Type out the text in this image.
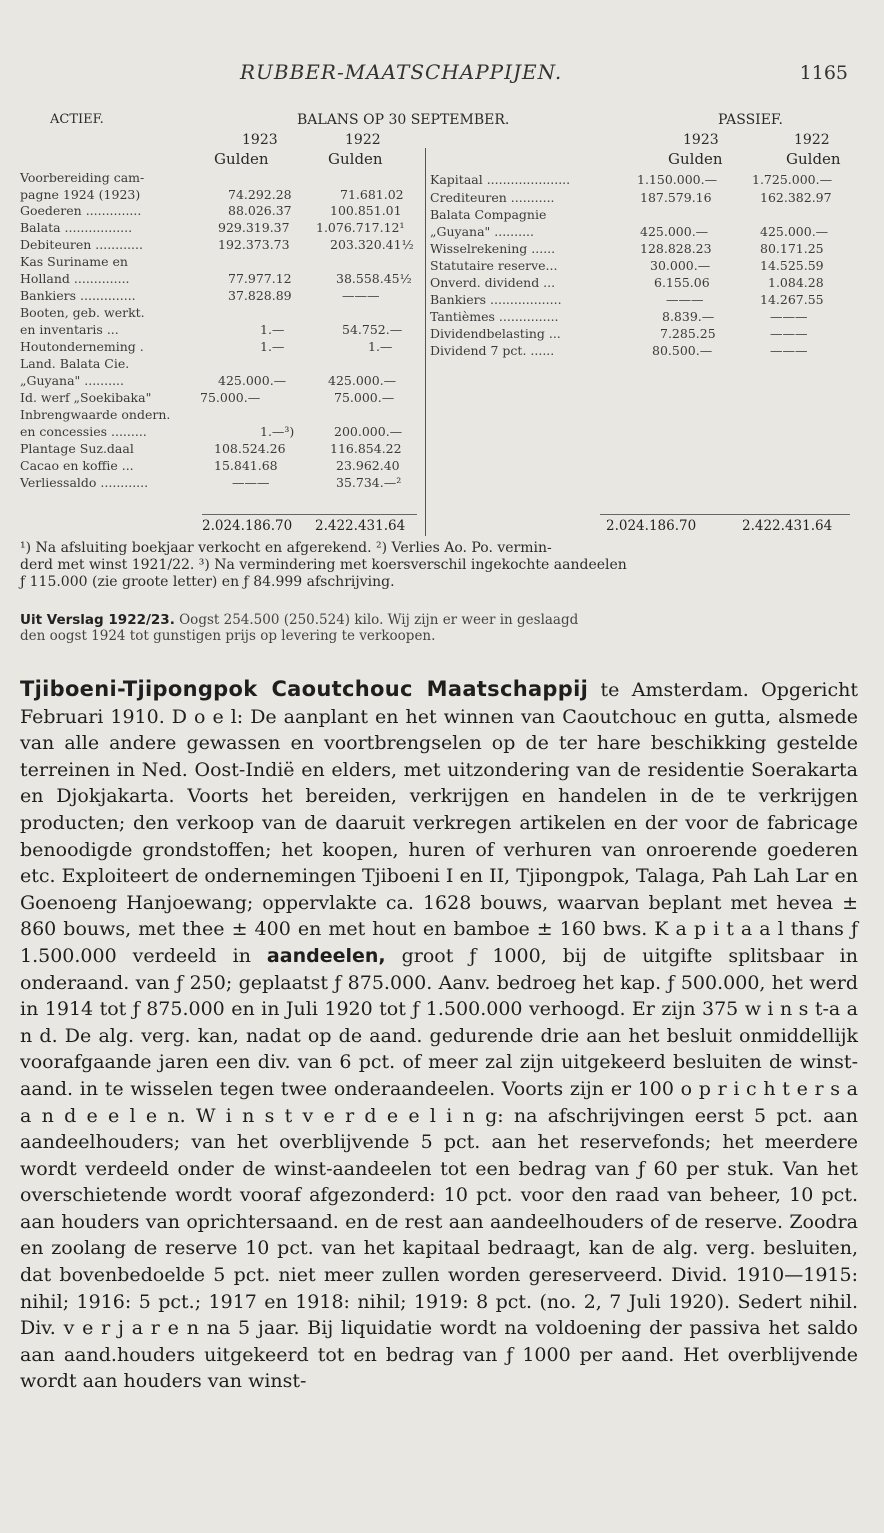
RUBBER-MAATSCHAPPIJEN.	1165
ACTIEF.	BALANS OP 30 SEPTEMBER.	PASSIEF.
1923	1922
Gulden	Gulden
1923	1922
Gulden	Gulden
Voorbereiding cam-
pagne 1924 (1923)	74.292.28	71.681.02
Goederen ..............	88.026.37	100.851.01
Balata .................	929.319.37 1.076.717.12¹
Debiteuren ............	192.373.73	203.320.41½
Kas Suriname en
Holland ..............	77.977.12	38.558.45½
Bankiers ..............	37.828.89	———
Booten, geb. werkt.
en inventaris ...	1.—	54.752.—
Houtonderneming .	1.—	1.—
Land. Balata Cie.
„Guyana" ..........	425.000.—	425.000.—
Id. werf „Soekibaka"	75.000.—	75.000.—
Inbrengwaarde ondern.
en concessies .........	1.—³)	200.000.—
Plantage Suz.daal	108.524.26	116.854.22
Cacao en koffie ...	15.841.68	23.962.40
Verliessaldo ............	———	35.734.—²
Kapitaal .....................	1.150.000.—	1.725.000.—
Crediteuren ...........	187.579.16	162.382.97
Balata Compagnie
„Guyana" ..........	425.000.—	425.000.—
Wisselrekening ......	128.828.23	80.171.25
Statutaire reserve...	30.000.—	14.525.59
Onverd. dividend ...	6.155.06	1.084.28
Bankiers ..................	———	14.267.55
Tantièmes ...............	8.839.—	———
Dividendbelasting ...	7.285.25	———
Dividend 7 pct. ......	80.500.—	———
2.024.186.70 2.422.431.64	2.024.186.70	2.422.431.64
¹) Na afsluiting boekjaar verkocht en afgerekend. ²) Verlies Ao. Po. vermin-
derd met winst 1921/22. ³) Na vermindering met koersverschil ingekochte aandeelen
ƒ 115.000 (zie groote letter) en ƒ 84.999 afschrijving.
Uit Verslag 1922/23. Oogst 254.500 (250.524) kilo. Wij zijn er weer in geslaagd
den oogst 1924 tot gunstigen prijs op levering te verkoopen.
Tjiboeni-Tjipongpok Caoutchouc Maatschappij te Amsterdam. Opgericht Februari 1910. D o e l: De aanplant en het winnen van Caoutchouc en gutta, alsmede van alle andere gewassen en voortbrengselen op de ter hare beschikking gestelde terreinen in Ned. Oost-Indië en elders, met uitzondering van de residentie Soerakarta en Djokjakarta. Voorts het bereiden, verkrijgen en handelen in de te verkrijgen producten; den verkoop van de daaruit verkregen artikelen en der voor de fabricage benoodigde grondstoffen; het koopen, huren of verhuren van onroerende goederen etc. Exploiteert de ondernemingen Tjiboeni I en II, Tjipongpok, Talaga, Pah Lah Lar en Goenoeng Hanjoewang; oppervlakte ca. 1628 bouws, waarvan beplant met hevea ± 860 bouws, met thee ± 400 en met hout en bamboe ± 160 bws. K a p i t a a l thans ƒ 1.500.000 verdeeld in aandeelen, groot ƒ 1000, bij de uitgifte splitsbaar in onderaand. van ƒ 250; geplaatst ƒ 875.000. Aanv. bedroeg het kap. ƒ 500.000, het werd in 1914 tot ƒ 875.000 en in Juli 1920 tot ƒ 1.500.000 verhoogd. Er zijn 375 w i n s t-a a n d. De alg. verg. kan, nadat op de aand. gedurende drie aan het besluit onmiddellijk voorafgaande jaren een div. van 6 pct. of meer zal zijn uitgekeerd besluiten de winst-aand. in te wisselen tegen twee onderaandeelen. Voorts zijn er 100 o p r i c h t e r s a a n d e e l e n. W i n s t v e r d e e l i n g: na afschrijvingen eerst 5 pct. aan aandeelhouders; van het overblijvende 5 pct. aan het reservefonds; het meerdere wordt verdeeld onder de winst-aandeelen tot een bedrag van ƒ 60 per stuk. Van het overschietende wordt vooraf afgezonderd: 10 pct. voor den raad van beheer, 10 pct. aan houders van oprichtersaand. en de rest aan aandeelhouders of de reserve. Zoodra en zoolang de reserve 10 pct. van het kapitaal bedraagt, kan de alg. verg. besluiten, dat bovenbedoelde 5 pct. niet meer zullen worden gereserveerd. Divid. 1910—1915: nihil; 1916: 5 pct.; 1917 en 1918: nihil; 1919: 8 pct. (no. 2, 7 Juli 1920). Sedert nihil. Div. v e r j a r e n na 5 jaar. Bij liquidatie wordt na voldoening der passiva het saldo aan aand.houders uitgekeerd tot en bedrag van ƒ 1000 per aand. Het overblijvende wordt aan houders van winst-
